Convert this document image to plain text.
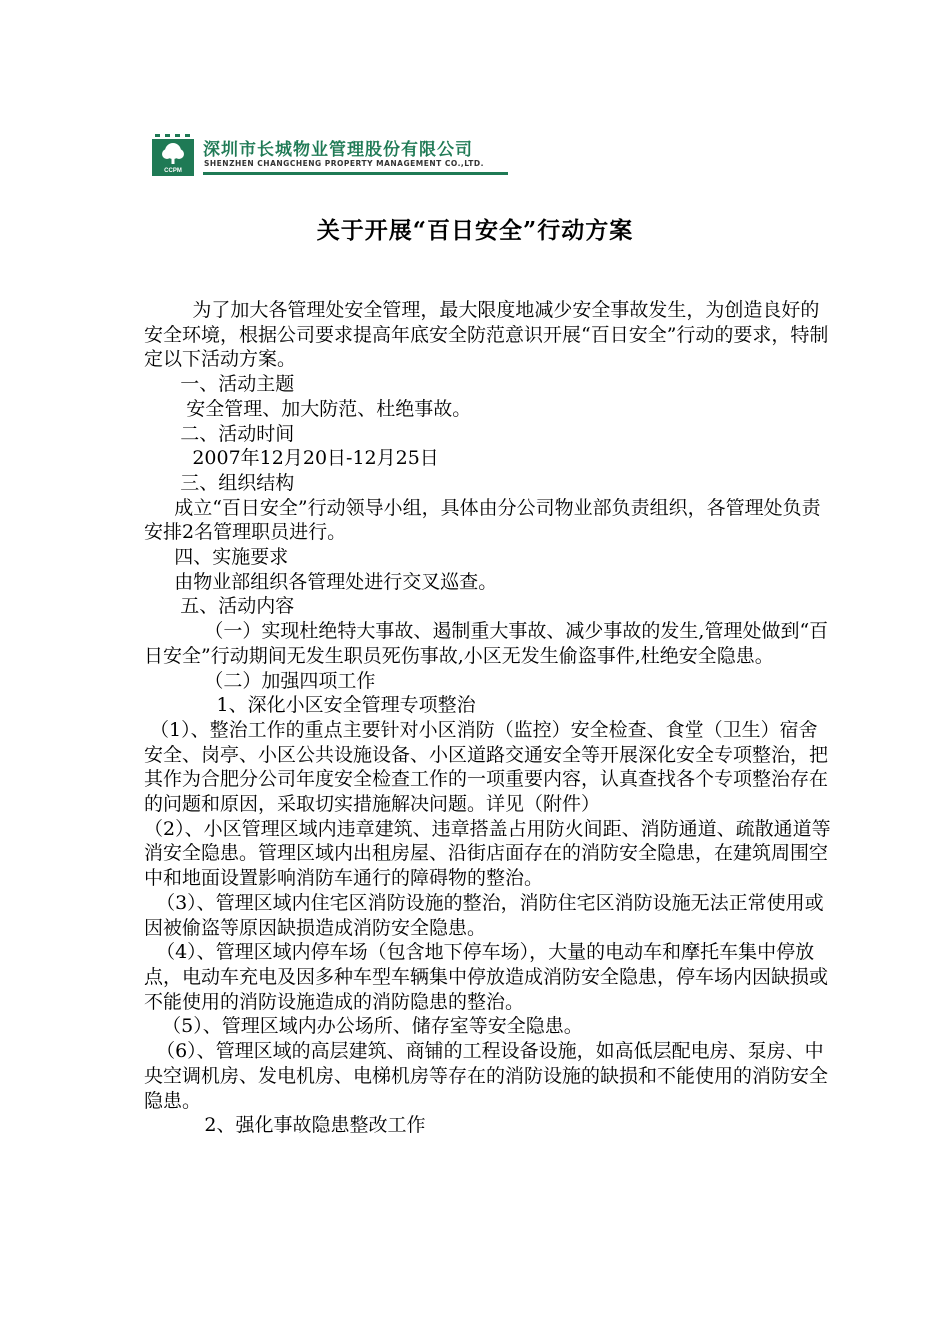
CCPM
深圳市长城物业管理股份有限公司
SHENZHEN CHANGCHENG PROPERTY MANAGEMENT CO.,LTD.
关于开展“百日安全”行动方案

为了加大各管理处安全管理，最大限度地减少安全事故发生，为创造良好的安全环境，根据公司要求提高年底安全防范意识开展“百日安全”行动的要求，特制定以下活动方案。

一、活动主题

安全管理、加大防范、杜绝事故。

二、活动时间

2007年12月20日-12月25日

三、组织结构

成立“百日安全”行动领导小组，具体由分公司物业部负责组织，各管理处负责安排2名管理职员进行。

四、实施要求

由物业部组织各管理处进行交叉巡查。

五、活动内容

（一）实现杜绝特大事故、遏制重大事故、减少事故的发生,管理处做到“百日安全”行动期间无发生职员死伤事故,小区无发生偷盗事件,杜绝安全隐患。

（二）加强四项工作

1、深化小区安全管理专项整治

（1）、整治工作的重点主要针对小区消防（监控）安全检查、食堂（卫生）宿舍安全、岗亭、小区公共设施设备、小区道路交通安全等开展深化安全专项整治，把其作为合肥分公司年度安全检查工作的一项重要内容，认真查找各个专项整治存在的问题和原因，采取切实措施解决问题。详见（附件）

（2）、小区管理区域内违章建筑、违章搭盖占用防火间距、消防通道、疏散通道等消安全隐患。管理区域内出租房屋、沿街店面存在的消防安全隐患，在建筑周围空中和地面设置影响消防车通行的障碍物的整治。

（3）、管理区域内住宅区消防设施的整治，消防住宅区消防设施无法正常使用或因被偷盗等原因缺损造成消防安全隐患。

（4）、管理区域内停车场（包含地下停车场），大量的电动车和摩托车集中停放点，电动车充电及因多种车型车辆集中停放造成消防安全隐患，停车场内因缺损或不能使用的消防设施造成的消防隐患的整治。

（5）、管理区域内办公场所、储存室等安全隐患。

（6）、管理区域的高层建筑、商铺的工程设备设施，如高低层配电房、泵房、中央空调机房、发电机房、电梯机房等存在的消防设施的缺损和不能使用的消防安全隐患。

2、强化事故隐患整改工作
